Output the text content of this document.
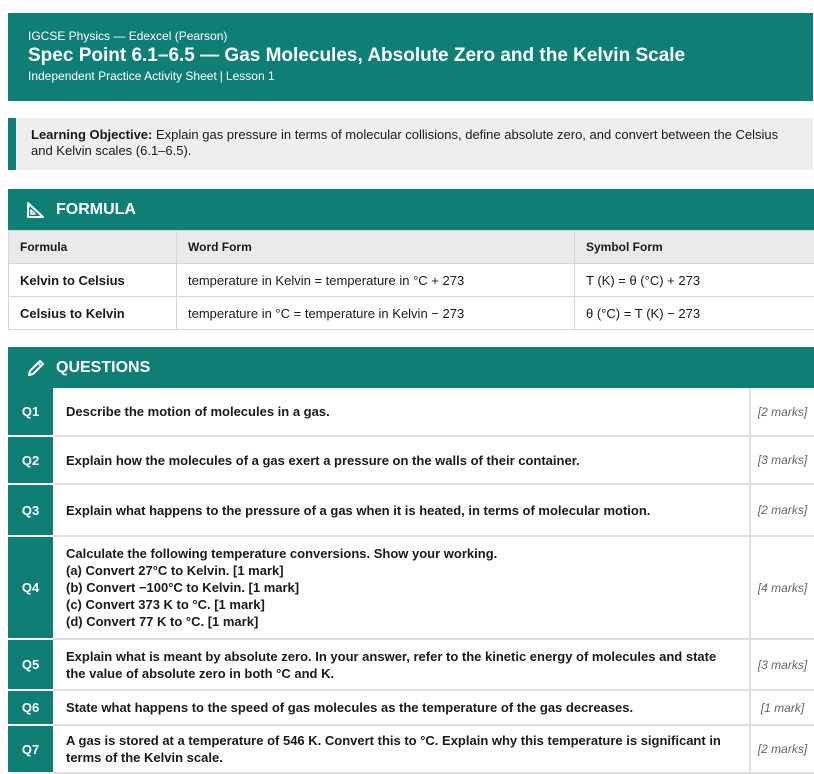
IGCSE Physics — Edexcel (Pearson)
Spec Point 6.1–6.5 — Gas Molecules, Absolute Zero and the Kelvin Scale
Independent Practice Activity Sheet | Lesson 1
Learning Objective: Explain gas pressure in terms of molecular collisions, define absolute zero, and convert between the Celsius and Kelvin scales (6.1–6.5).
FORMULA
Formula	Word Form	Symbol Form
Kelvin to Celsius	temperature in Kelvin = temperature in °C + 273	T (K) = θ (°C) + 273
Celsius to Kelvin	temperature in °C = temperature in Kelvin − 273	θ (°C) = T (K) − 273
QUESTIONS
Q1	Describe the motion of molecules in a gas.	[2 marks]
Q2	Explain how the molecules of a gas exert a pressure on the walls of their container.	[3 marks]
Q3	Explain what happens to the pressure of a gas when it is heated, in terms of molecular motion.	[2 marks]
Q4	Calculate the following temperature conversions. Show your working.
(a) Convert 27°C to Kelvin. [1 mark]
(b) Convert −100°C to Kelvin. [1 mark]
(c) Convert 373 K to °C. [1 mark]
(d) Convert 77 K to °C. [1 mark]	[4 marks]
Q5	Explain what is meant by absolute zero. In your answer, refer to the kinetic energy of molecules and state the value of absolute zero in both °C and K.	[3 marks]
Q6	State what happens to the speed of gas molecules as the temperature of the gas decreases.	[1 mark]
Q7	A gas is stored at a temperature of 546 K. Convert this to °C. Explain why this temperature is significant in terms of the Kelvin scale.	[2 marks]
